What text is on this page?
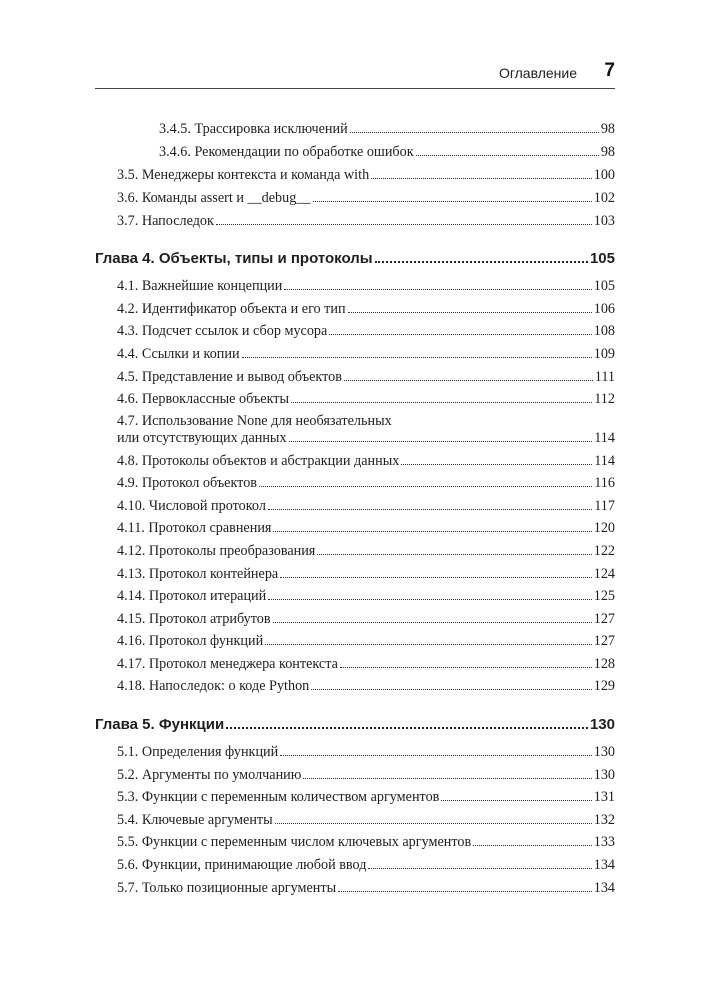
Оглавление 7
3.4.5. Трассировка исключений	98
3.4.6. Рекомендации по обработке ошибок	98
3.5. Менеджеры контекста и команда with	100
3.6. Команды assert и __debug__	102
3.7. Напоследок	103
Глава 4. Объекты, типы и протоколы	105
4.1. Важнейшие концепции	105
4.2. Идентификатор объекта и его тип	106
4.3. Подсчет ссылок и сбор мусора	108
4.4. Ссылки и копии	109
4.5. Представление и вывод объектов	111
4.6. Первоклассные объекты	112
4.7. Использование None для необязательных
или отсутствующих данных	114
4.8. Протоколы объектов и абстракции данных	114
4.9. Протокол объектов	116
4.10. Числовой протокол	117
4.11. Протокол сравнения	120
4.12. Протоколы преобразования	122
4.13. Протокол контейнера	124
4.14. Протокол итераций	125
4.15. Протокол атрибутов	127
4.16. Протокол функций	127
4.17. Протокол менеджера контекста	128
4.18. Напоследок: о коде Python	129
Глава 5. Функции	130
5.1. Определения функций	130
5.2. Аргументы по умолчанию	130
5.3. Функции с переменным количеством аргументов	131
5.4. Ключевые аргументы	132
5.5. Функции с переменным числом ключевых аргументов	133
5.6. Функции, принимающие любой ввод	134
5.7. Только позиционные аргументы	134
